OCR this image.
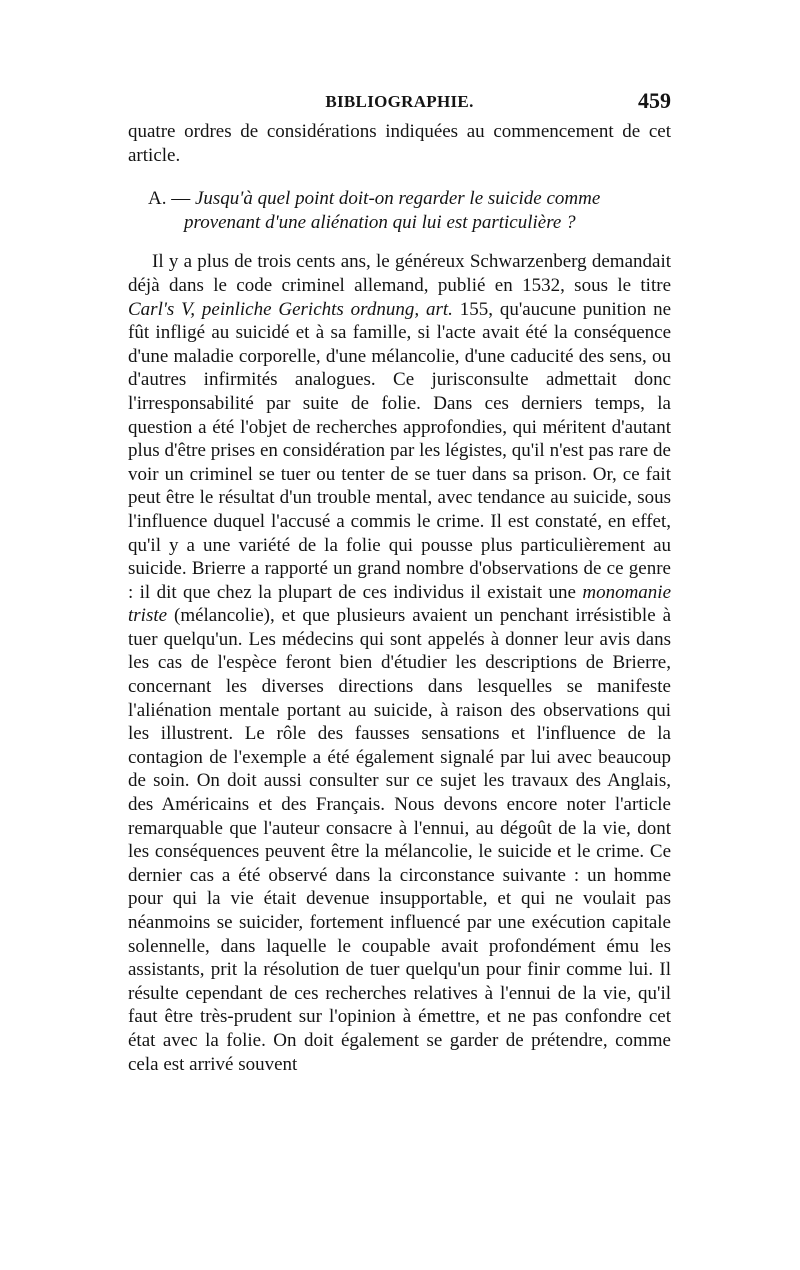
BIBLIOGRAPHIE.	459

quatre ordres de considérations indiquées au commencement de cet article.

A. — Jusqu'à quel point doit-on regarder le suicide comme
provenant d'une aliénation qui lui est particulière ?

Il y a plus de trois cents ans, le généreux Schwarzenberg demandait déjà dans le code criminel allemand, publié en 1532, sous le titre Carl's V, peinliche Gerichts ordnung, art. 155, qu'aucune punition ne fût infligé au suicidé et à sa famille, si l'acte avait été la conséquence d'une maladie corporelle, d'une mélancolie, d'une caducité des sens, ou d'autres infirmités analogues. Ce jurisconsulte admettait donc l'irresponsabilité par suite de folie. Dans ces derniers temps, la question a été l'objet de recherches approfondies, qui méritent d'autant plus d'être prises en considération par les légistes, qu'il n'est pas rare de voir un criminel se tuer ou tenter de se tuer dans sa prison. Or, ce fait peut être le résultat d'un trouble mental, avec tendance au suicide, sous l'influence duquel l'accusé a commis le crime. Il est constaté, en effet, qu'il y a une variété de la folie qui pousse plus particulièrement au suicide. Brierre a rapporté un grand nombre d'observations de ce genre : il dit que chez la plupart de ces individus il existait une monomanie triste (mélancolie), et que plusieurs avaient un penchant irrésistible à tuer quelqu'un. Les médecins qui sont appelés à donner leur avis dans les cas de l'espèce feront bien d'étudier les descriptions de Brierre, concernant les diverses directions dans lesquelles se manifeste l'aliénation mentale portant au suicide, à raison des observations qui les illustrent. Le rôle des fausses sensations et l'influence de la contagion de l'exemple a été également signalé par lui avec beaucoup de soin. On doit aussi consulter sur ce sujet les travaux des Anglais, des Américains et des Français. Nous devons encore noter l'article remarquable que l'auteur consacre à l'ennui, au dégoût de la vie, dont les conséquences peuvent être la mélancolie, le suicide et le crime. Ce dernier cas a été observé dans la circonstance suivante : un homme pour qui la vie était devenue insupportable, et qui ne voulait pas néanmoins se suicider, fortement influencé par une exécution capitale solennelle, dans laquelle le coupable avait profondément ému les assistants, prit la résolution de tuer quelqu'un pour finir comme lui. Il résulte cependant de ces recherches relatives à l'ennui de la vie, qu'il faut être très-prudent sur l'opinion à émettre, et ne pas confondre cet état avec la folie. On doit également se garder de prétendre, comme cela est arrivé souvent
